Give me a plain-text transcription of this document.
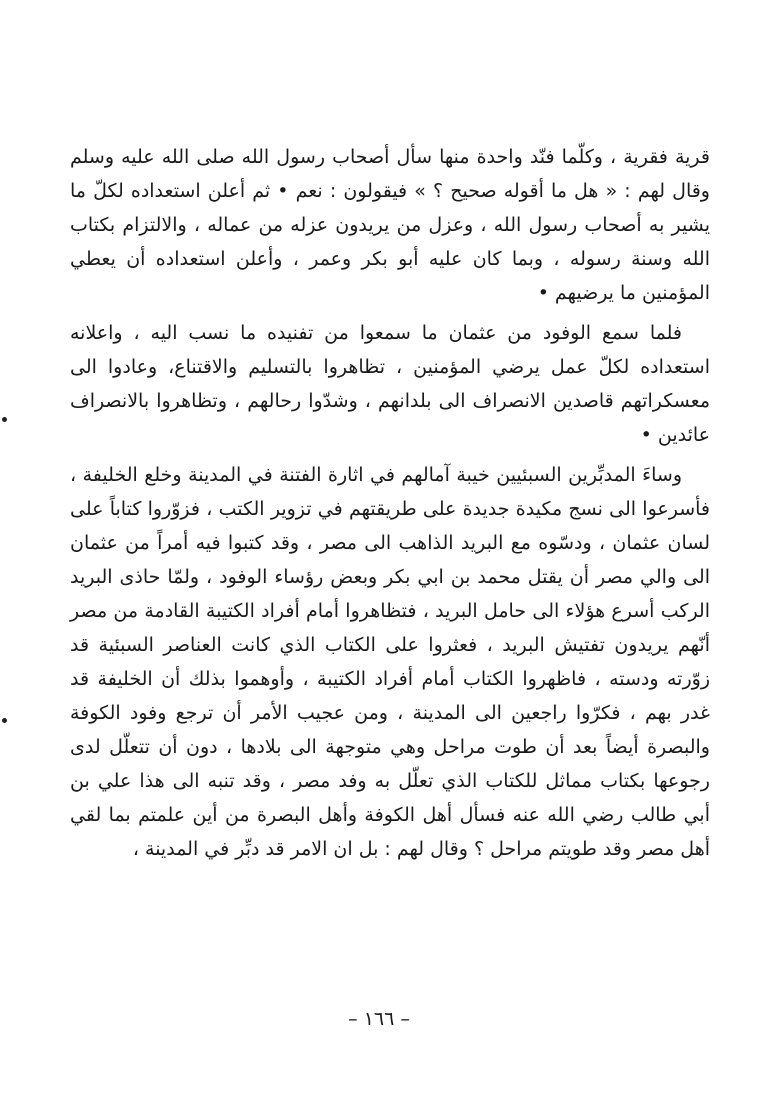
قرية فقرية ، وكلّما فنّد واحدة منها سأل أصحاب رسول الله صلى الله عليه وسلم وقال لهم : « هل ما أقوله صحيح ؟ » فيقولون : نعم • ثم أعلن استعداده لكلّ ما يشير به أصحاب رسول الله ، وعزل من يريدون عزله من عماله ، والالتزام بكتاب الله وسنة رسوله ، وبما كان عليه أبو بكر وعمر ، وأعلن استعداده أن يعطي المؤمنين ما يرضيهم •

فلما سمع الوفود من عثمان ما سمعوا من تفنيده ما نسب اليه ، واعلانه استعداده لكلّ عمل يرضي المؤمنين ، تظاهروا بالتسليم والاقتناع، وعادوا الى معسكراتهم قاصدين الانصراف الى بلدانهم ، وشدّوا رحالهم ، وتظاهروا بالانصراف عائدين •

وساءَ المدبِّرين السبئيين خيبة آمالهم في اثارة الفتنة في المدينة وخلع الخليفة ، فأسرعوا الى نسج مكيدة جديدة على طريقتهم في تزوير الكتب ، فزوّروا كتاباً على لسان عثمان ، ودسّوه مع البريد الذاهب الى مصر ، وقد كتبوا فيه أمراً من عثمان الى والي مصر أن يقتل محمد بن ابي بكر وبعض رؤساء الوفود ، ولمّا حاذى البريد الركب أسرع هؤلاء الى حامل البريد ، فتظاهروا أمام أفراد الكتيبة القادمة من مصر أنّهم يريدون تفتيش البريد ، فعثروا على الكتاب الذي كانت العناصر السبئية قد زوّرته ودسته ، فاظهروا الكتاب أمام أفراد الكتيبة ، وأوهموا بذلك أن الخليفة قد غدر بهم ، فكرّوا راجعين الى المدينة ، ومن عجيب الأمر أن ترجع وفود الكوفة والبصرة أيضاً بعد أن طوت مراحل وهي متوجهة الى بلادها ، دون أن تتعلّل لدى رجوعها بكتاب مماثل للكتاب الذي تعلّل به وفد مصر ، وقد تنبه الى هذا علي بن أبي طالب رضي الله عنه فسأل أهل الكوفة وأهل البصرة من أين علمتم بما لقي أهل مصر وقد طويتم مراحل ؟ وقال لهم : بل ان الامر قد دبِّر في المدينة ،

– ١٦٦ –
